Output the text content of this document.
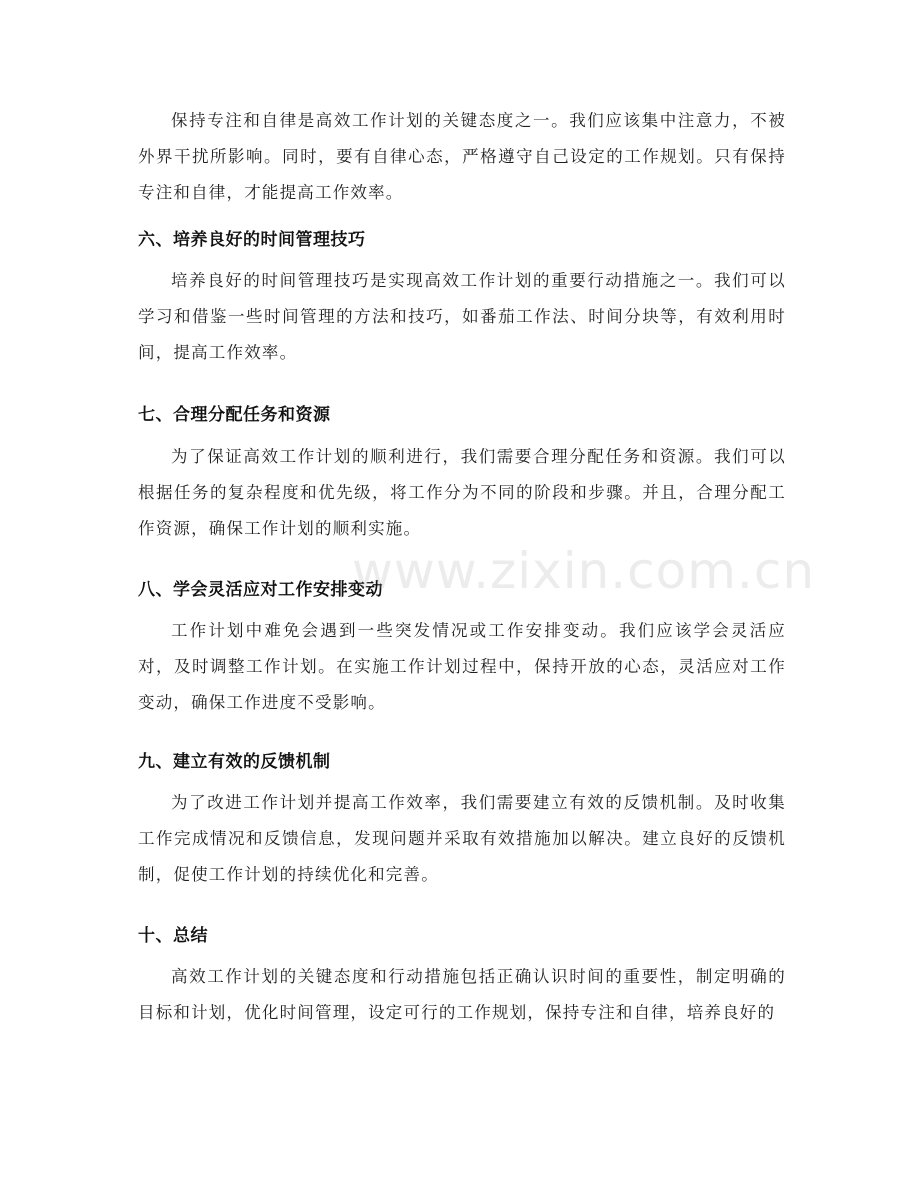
保持专注和自律是高效工作计划的关键态度之一。我们应该集中注意力，不被外界干扰所影响。同时，要有自律心态，严格遵守自己设定的工作规划。只有保持专注和自律，才能提高工作效率。

六、培养良好的时间管理技巧

培养良好的时间管理技巧是实现高效工作计划的重要行动措施之一。我们可以学习和借鉴一些时间管理的方法和技巧，如番茄工作法、时间分块等，有效利用时间，提高工作效率。

七、合理分配任务和资源

为了保证高效工作计划的顺利进行，我们需要合理分配任务和资源。我们可以根据任务的复杂程度和优先级，将工作分为不同的阶段和步骤。并且，合理分配工作资源，确保工作计划的顺利实施。

八、学会灵活应对工作安排变动

工作计划中难免会遇到一些突发情况或工作安排变动。我们应该学会灵活应对，及时调整工作计划。在实施工作计划过程中，保持开放的心态，灵活应对工作变动，确保工作进度不受影响。

九、建立有效的反馈机制

为了改进工作计划并提高工作效率，我们需要建立有效的反馈机制。及时收集工作完成情况和反馈信息，发现问题并采取有效措施加以解决。建立良好的反馈机制，促使工作计划的持续优化和完善。

十、总结

高效工作计划的关键态度和行动措施包括正确认识时间的重要性，制定明确的目标和计划，优化时间管理，设定可行的工作规划，保持专注和自律，培养良好的

www.zixin.com.cn
